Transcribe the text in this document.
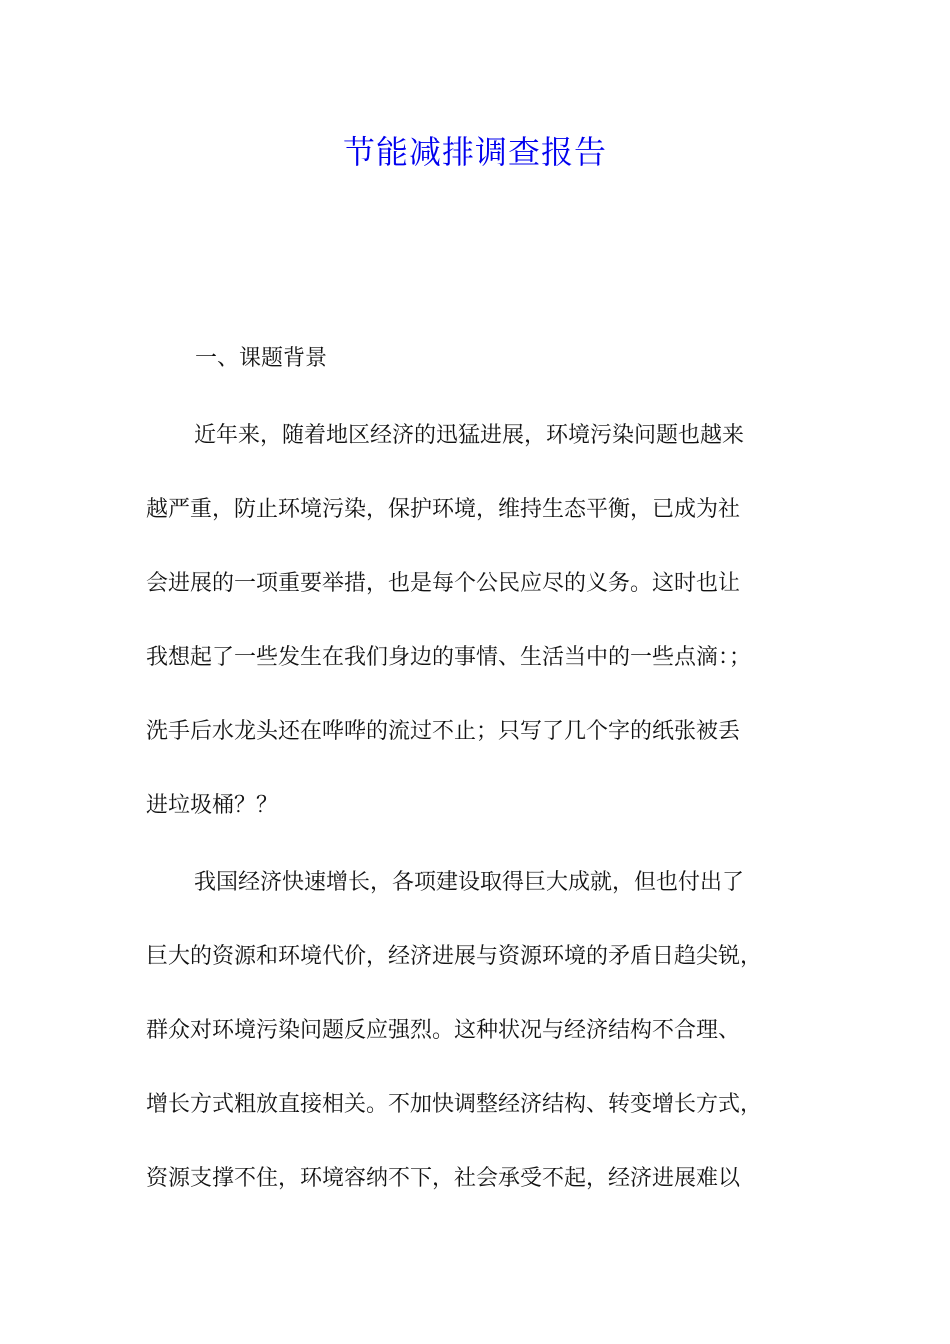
节能减排调查报告
一、课题背景
近年来，随着地区经济的迅猛进展，环境污染问题也越来
越严重，防止环境污染，保护环境，维持生态平衡，已成为社
会进展的一项重要举措，也是每个公民应尽的义务。这时也让
我想起了一些发生在我们身边的事情、生活当中的一些点滴：；
洗手后水龙头还在哗哗的流过不止；只写了几个字的纸张被丢
进垃圾桶？？
我国经济快速增长，各项建设取得巨大成就，但也付出了
巨大的资源和环境代价，经济进展与资源环境的矛盾日趋尖锐，
群众对环境污染问题反应强烈。这种状况与经济结构不合理、
增长方式粗放直接相关。不加快调整经济结构、转变增长方式，
资源支撑不住，环境容纳不下，社会承受不起，经济进展难以
